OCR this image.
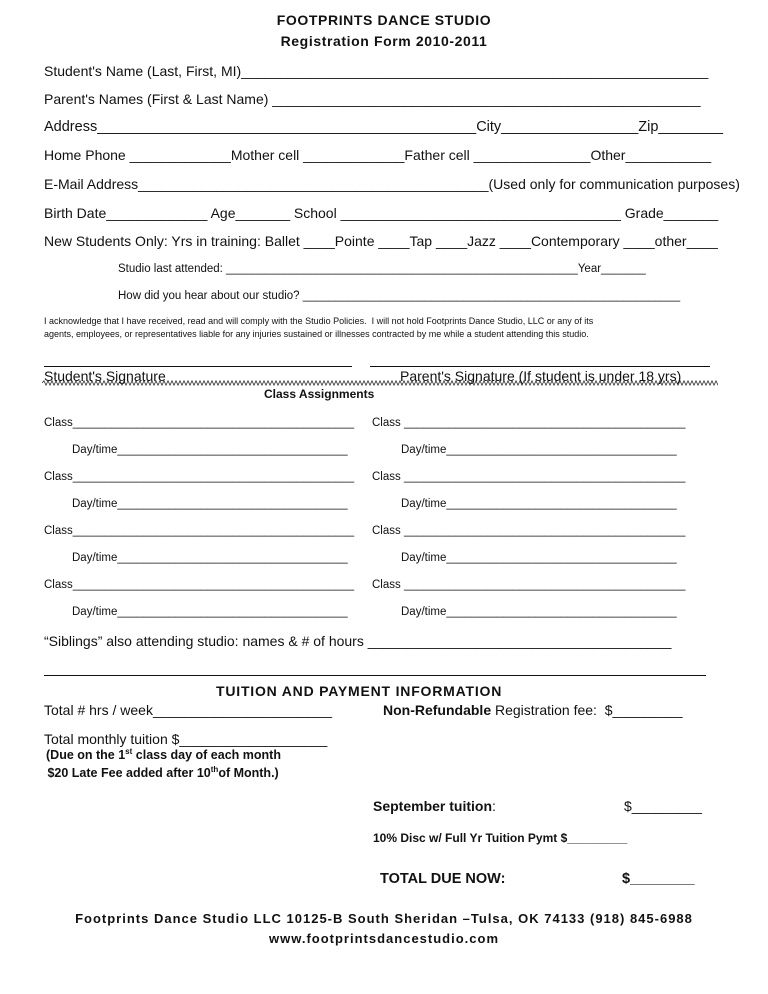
FOOTPRINTS DANCE STUDIO
Registration Form 2010-2011
Student's Name (Last, First, MI)____________________________________________________________
Parent's Names (First & Last Name) _______________________________________________________
Address_______________________________________________City_________________Zip________
Home Phone _____________Mother cell _____________Father cell _______________Other___________
E-Mail Address_____________________________________________(Used only for communication purposes)
Birth Date_____________ Age_______ School ____________________________________ Grade_______
New Students Only: Yrs in training: Ballet ____Pointe ____Tap ____Jazz ____Contemporary ____other____
Studio last attended: _______________________________________________________Year_______
How did you hear about our studio? ___________________________________________________________
I acknowledge that I have received, read and will comply with the Studio Policies.  I will not hold Footprints Dance Studio, LLC or any of its
agents, employees, or representatives liable for any injuries sustained or illnesses contracted by me while a student attending this studio.
Student's Signature	Parent's Signature (If student is under 18 yrs)
Class Assignments
Class____________________________________________ Class ____________________________________________
Day/time____________________________________	Day/time____________________________________
Class____________________________________________ Class ____________________________________________
Day/time____________________________________	Day/time____________________________________
Class____________________________________________ Class ____________________________________________
Day/time____________________________________	Day/time____________________________________
Class____________________________________________ Class ____________________________________________
Day/time____________________________________	Day/time____________________________________
“Siblings” also attending studio: names & # of hours _______________________________________
TUITION AND PAYMENT INFORMATION
Total # hrs / week_______________________	Non-Refundable Registration fee:  $_________
Total monthly tuition $___________________
(Due on the 1st class day of each month
$20 Late Fee added after 10thof Month.)
September tuition:	$_________
10% Disc w/ Full Yr Tuition Pymt $_________
TOTAL DUE NOW:	$________
Footprints Dance Studio LLC 10125-B South Sheridan –Tulsa, OK 74133 (918) 845-6988
www.footprintsdancestudio.com
